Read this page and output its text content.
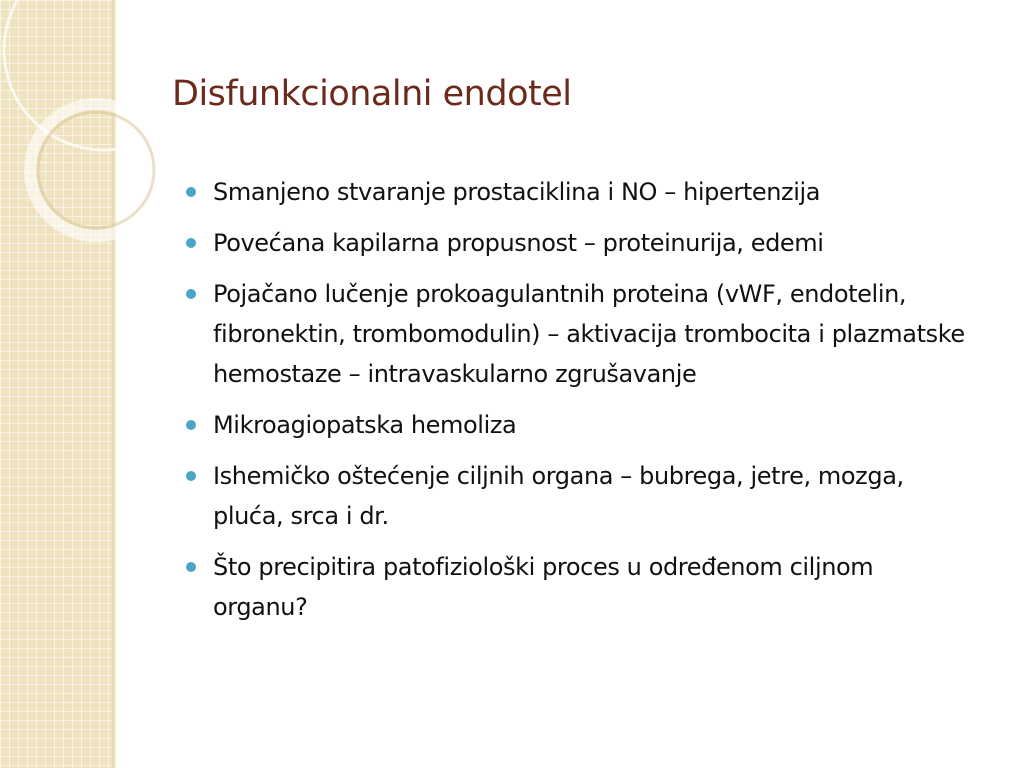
Disfunkcionalni endotel
Smanjeno stvaranje prostaciklina i NO – hipertenzija
Povećana kapilarna propusnost – proteinurija, edemi
Pojačano lučenje prokoagulantnih proteina (vWF, endotelin, fibronektin, trombomodulin) – aktivacija trombocita i plazmatske hemostaze – intravaskularno zgrušavanje
Mikroagiopatska hemoliza
Ishemičko oštećenje ciljnih organa – bubrega, jetre, mozga, pluća, srca i dr.
Što precipitira patofiziološki proces u određenom ciljnom organu?
